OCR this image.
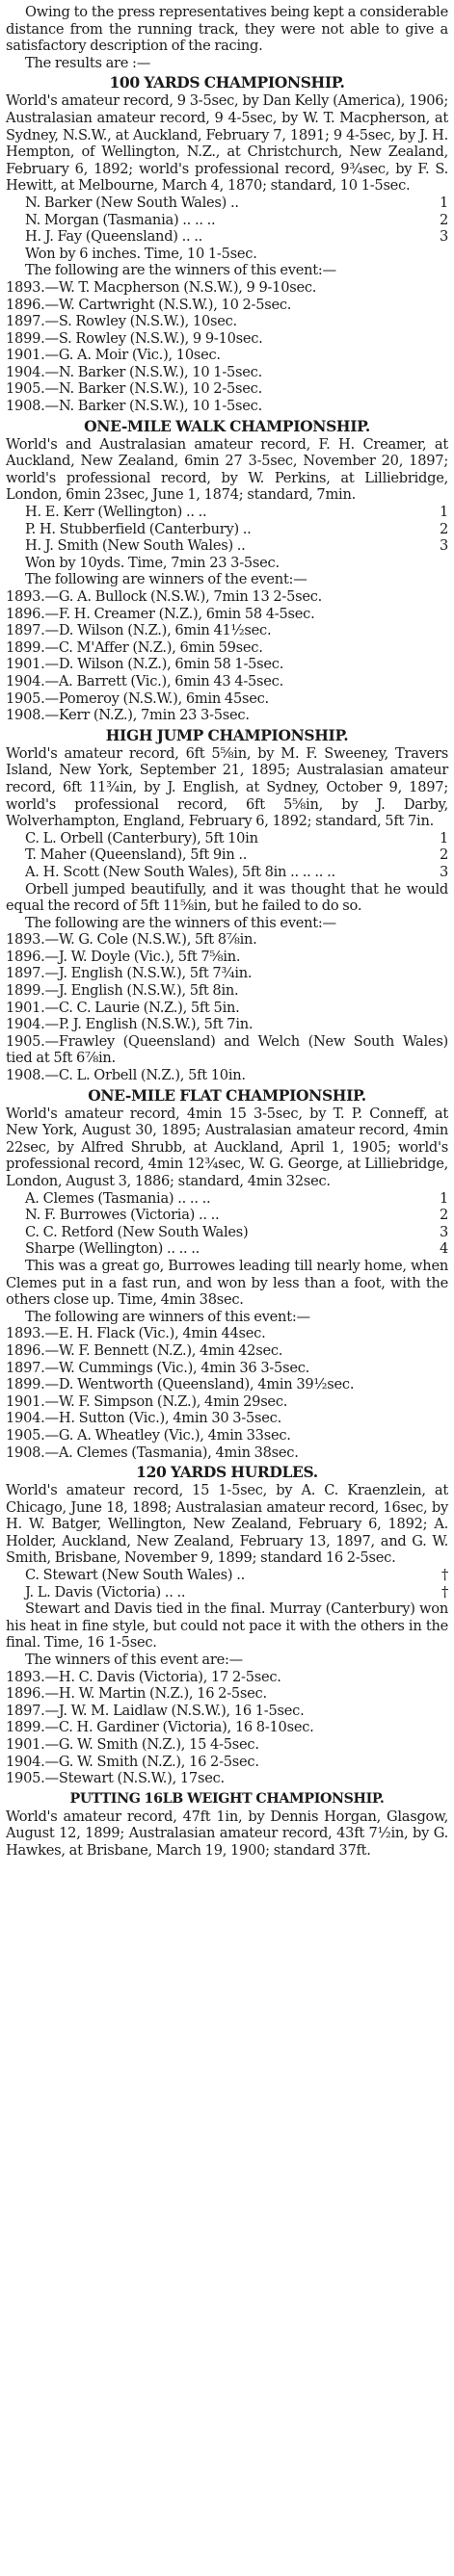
Owing to the press representatives being kept a considerable distance from the running track, they were not able to give a satisfactory description of the racing.

The results are :—

100 YARDS CHAMPIONSHIP.

World's amateur record, 9 3-5sec, by Dan Kelly (America), 1906; Australasian amateur record, 9 4-5sec, by W. T. Macpherson, at Sydney, N.S.W., at Auckland, February 7, 1891; 9 4-5sec, by J. H. Hempton, of Wellington, N.Z., at Christchurch, New Zealand, February 6, 1892; world's professional record, 9¾sec, by F. S. Hewitt, at Melbourne, March 4, 1870; standard, 10 1-5sec.

N. Barker (New South Wales) ..	1
N. Morgan (Tasmania) .. .. ..	2
H. J. Fay (Queensland) .. ..	3

Won by 6 inches. Time, 10 1-5sec.

The following are the winners of this event:—

1893.—W. T. Macpherson (N.S.W.), 9 9-10sec.
1896.—W. Cartwright (N.S.W.), 10 2-5sec.
1897.—S. Rowley (N.S.W.), 10sec.
1899.—S. Rowley (N.S.W.), 9 9-10sec.
1901.—G. A. Moir (Vic.), 10sec.
1904.—N. Barker (N.S.W.), 10 1-5sec.
1905.—N. Barker (N.S.W.), 10 2-5sec.
1908.—N. Barker (N.S.W.), 10 1-5sec.
ONE-MILE WALK CHAMPIONSHIP.

World's and Australasian amateur record, F. H. Creamer, at Auckland, New Zealand, 6min 27 3-5sec, November 20, 1897; world's professional record, by W. Perkins, at Lilliebridge, London, 6min 23sec, June 1, 1874; standard, 7min.

H. E. Kerr (Wellington) .. ..	1
P. H. Stubberfield (Canterbury) ..	2
H. J. Smith (New South Wales) ..	3

Won by 10yds. Time, 7min 23 3-5sec.

The following are winners of the event:—

1893.—G. A. Bullock (N.S.W.), 7min 13 2-5sec.
1896.—F. H. Creamer (N.Z.), 6min 58 4-5sec.
1897.—D. Wilson (N.Z.), 6min 41½sec.
1899.—C. M'Affer (N.Z.), 6min 59sec.
1901.—D. Wilson (N.Z.), 6min 58 1-5sec.
1904.—A. Barrett (Vic.), 6min 43 4-5sec.
1905.—Pomeroy (N.S.W.), 6min 45sec.
1908.—Kerr (N.Z.), 7min 23 3-5sec.
HIGH JUMP CHAMPIONSHIP.

World's amateur record, 6ft 5⅝in, by M. F. Sweeney, Travers Island, New York, September 21, 1895; Australasian amateur record, 6ft 11¾in, by J. English, at Sydney, October 9, 1897; world's professional record, 6ft 5⅝in, by J. Darby, Wolverhampton, England, February 6, 1892; standard, 5ft 7in.

C. L. Orbell (Canterbury), 5ft 10in	1
T. Maher (Queensland), 5ft 9in ..	2
A. H. Scott (New South Wales), 5ft 8in .. .. .. ..	3

Orbell jumped beautifully, and it was thought that he would equal the record of 5ft 11⅝in, but he failed to do so.

The following are the winners of this event:—

1893.—W. G. Cole (N.S.W.), 5ft 8⅞in.
1896.—J. W. Doyle (Vic.), 5ft 7⅝in.
1897.—J. English (N.S.W.), 5ft 7¾in.
1899.—J. English (N.S.W.), 5ft 8in.
1901.—C. C. Laurie (N.Z.), 5ft 5in.
1904.—P. J. English (N.S.W.), 5ft 7in.
1905.—Frawley (Queensland) and Welch (New South Wales) tied at 5ft 6⅞in.
1908.—C. L. Orbell (N.Z.), 5ft 10in.
ONE-MILE FLAT CHAMPIONSHIP.

World's amateur record, 4min 15 3-5sec, by T. P. Conneff, at New York, August 30, 1895; Australasian amateur record, 4min 22sec, by Alfred Shrubb, at Auckland, April 1, 1905; world's professional record, 4min 12¾sec, W. G. George, at Lilliebridge, London, August 3, 1886; standard, 4min 32sec.

A. Clemes (Tasmania) .. .. ..	1
N. F. Burrowes (Victoria) .. ..	2
C. C. Retford (New South Wales)	3
Sharpe (Wellington) .. .. ..	4

This was a great go, Burrowes leading till nearly home, when Clemes put in a fast run, and won by less than a foot, with the others close up. Time, 4min 38sec.

The following are winners of this event:—

1893.—E. H. Flack (Vic.), 4min 44sec.
1896.—W. F. Bennett (N.Z.), 4min 42sec.
1897.—W. Cummings (Vic.), 4min 36 3-5sec.
1899.—D. Wentworth (Queensland), 4min 39½sec.
1901.—W. F. Simpson (N.Z.), 4min 29sec.
1904.—H. Sutton (Vic.), 4min 30 3-5sec.
1905.—G. A. Wheatley (Vic.), 4min 33sec.
1908.—A. Clemes (Tasmania), 4min 38sec.
120 YARDS HURDLES.

World's amateur record, 15 1-5sec, by A. C. Kraenzlein, at Chicago, June 18, 1898; Australasian amateur record, 16sec, by H. W. Batger, Wellington, New Zealand, February 6, 1892; A. Holder, Auckland, New Zealand, February 13, 1897, and G. W. Smith, Brisbane, November 9, 1899; standard 16 2-5sec.

C. Stewart (New South Wales) ..	†
J. L. Davis (Victoria) .. ..	†

Stewart and Davis tied in the final. Murray (Canterbury) won his heat in fine style, but could not pace it with the others in the final. Time, 16 1-5sec.

The winners of this event are:—

1893.—H. C. Davis (Victoria), 17 2-5sec.
1896.—H. W. Martin (N.Z.), 16 2-5sec.
1897.—J. W. M. Laidlaw (N.S.W.), 16 1-5sec.
1899.—C. H. Gardiner (Victoria), 16 8-10sec.
1901.—G. W. Smith (N.Z.), 15 4-5sec.
1904.—G. W. Smith (N.Z.), 16 2-5sec.
1905.—Stewart (N.S.W.), 17sec.
PUTTING 16LB WEIGHT CHAMPIONSHIP.

World's amateur record, 47ft 1in, by Dennis Horgan, Glasgow, August 12, 1899; Australasian amateur record, 43ft 7½in, by G. Hawkes, at Brisbane, March 19, 1900; standard 37ft.
